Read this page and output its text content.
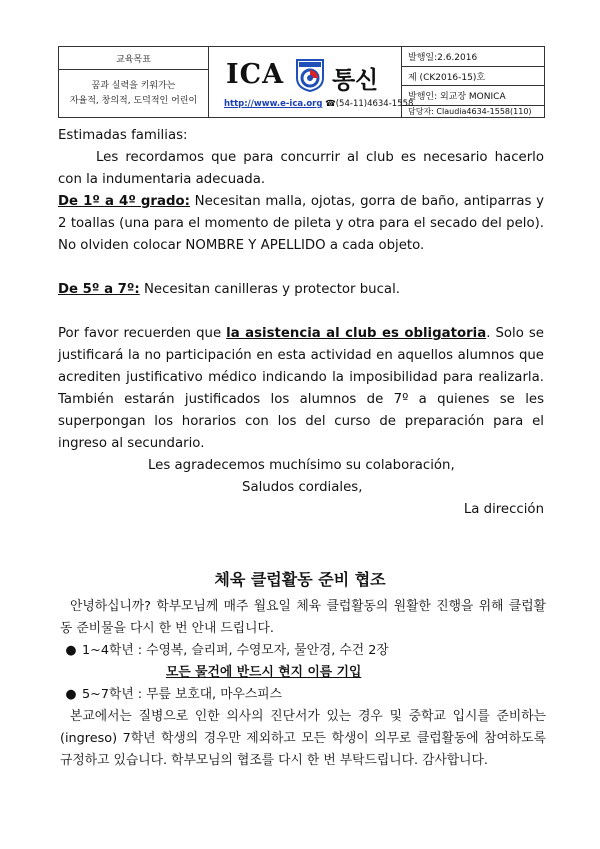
교육목표
꿈과 실력을 키워가는
자율적, 창의적, 도덕적인 어린이
ICA 통신
http://www.e-ica.org ☎(54-11)4634-1558
발행일:2.6.2016
제 (CK2016-15)호
발행인: 외교장 MONICA
담당자: Claudia4634-1558(110)

Estimadas familias:

Les recordamos que para concurrir al club es necesario hacerlo con la indumentaria adecuada.

De 1º a 4º grado: Necesitan malla, ojotas, gorra de baño, antiparras y 2 toallas (una para el momento de pileta y otra para el secado del pelo). No olviden colocar NOMBRE Y APELLIDO a cada objeto.

De 5º a 7º: Necesitan canilleras y protector bucal.

Por favor recuerden que la asistencia al club es obligatoria. Solo se justificará la no participación en esta actividad en aquellos alumnos que acrediten justificativo médico indicando la imposibilidad para realizarla. También estarán justificados los alumnos de 7º a quienes se les superpongan los horarios con los del curso de preparación para el ingreso al secundario.

Les agradecemos muchísimo su colaboración,

Saludos cordiales,

La dirección

체육 클럽활동 준비 협조

안녕하십니까? 학부모님께 매주 월요일 체육 클럽활동의 원활한 진행을 위해 클럽활동 준비물을 다시 한 번 안내 드립니다.

● 1~4학년 : 수영복, 슬리퍼, 수영모자, 물안경, 수건 2장

모든 물건에 반드시 현지 이름 기입

● 5~7학년 : 무릎 보호대, 마우스피스

본교에서는 질병으로 인한 의사의 진단서가 있는 경우 및 중학교 입시를 준비하는(ingreso) 7학년 학생의 경우만 제외하고 모든 학생이 의무로 클럽활동에 참여하도록 규정하고 있습니다. 학부모님의 협조를 다시 한 번 부탁드립니다. 감사합니다.
